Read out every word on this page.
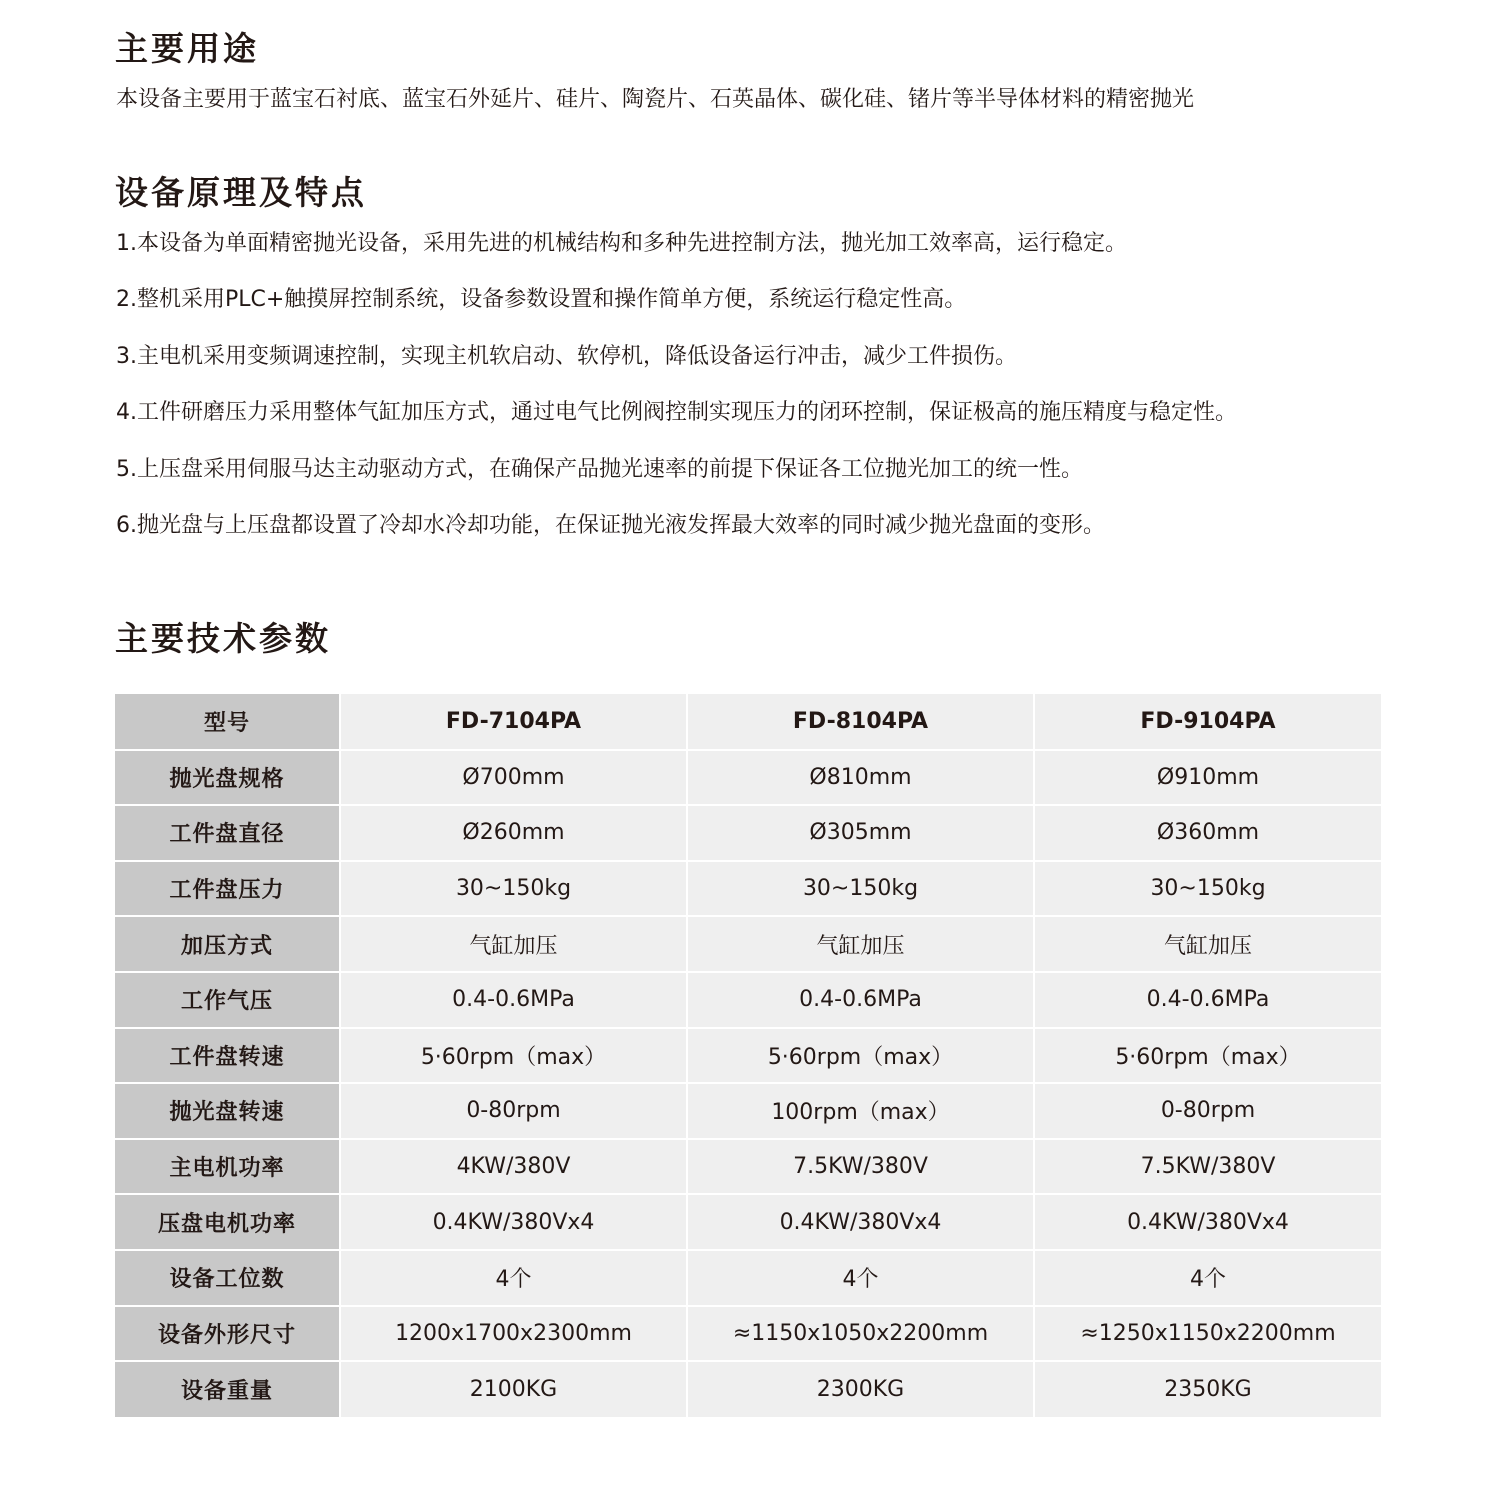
主要用途

本设备主要用于蓝宝石衬底、蓝宝石外延片、硅片、陶瓷片、石英晶体、碳化硅、锗片等半导体材料的精密抛光

设备原理及特点
1.本设备为单面精密抛光设备，采用先进的机械结构和多种先进控制方法，抛光加工效率高，运行稳定。
2.整机采用PLC+触摸屏控制系统，设备参数设置和操作简单方便，系统运行稳定性高。
3.主电机采用变频调速控制，实现主机软启动、软停机，降低设备运行冲击，减少工件损伤。
4.工件研磨压力采用整体气缸加压方式，通过电气比例阀控制实现压力的闭环控制，保证极高的施压精度与稳定性。
5.上压盘采用伺服马达主动驱动方式，在确保产品抛光速率的前提下保证各工位抛光加工的统一性。
6.抛光盘与上压盘都设置了冷却水冷却功能，在保证抛光液发挥最大效率的同时减少抛光盘面的变形。
主要技术参数
型号	FD-7104PA	FD-8104PA	FD-9104PA
抛光盘规格	Ø700mm	Ø810mm	Ø910mm
工件盘直径	Ø260mm	Ø305mm	Ø360mm
工件盘压力	30~150kg	30~150kg	30~150kg
加压方式	气缸加压	气缸加压	气缸加压
工作气压	0.4-0.6MPa	0.4-0.6MPa	0.4-0.6MPa
工件盘转速	5·60rpm（max）	5·60rpm（max）	5·60rpm（max）
抛光盘转速	0-80rpm	100rpm（max）	0-80rpm
主电机功率	4KW/380V	7.5KW/380V	7.5KW/380V
压盘电机功率	0.4KW/380Vx4	0.4KW/380Vx4	0.4KW/380Vx4
设备工位数	4个	4个	4个
设备外形尺寸	1200x1700x2300mm	≈1150x1050x2200mm	≈1250x1150x2200mm
设备重量	2100KG	2300KG	2350KG
